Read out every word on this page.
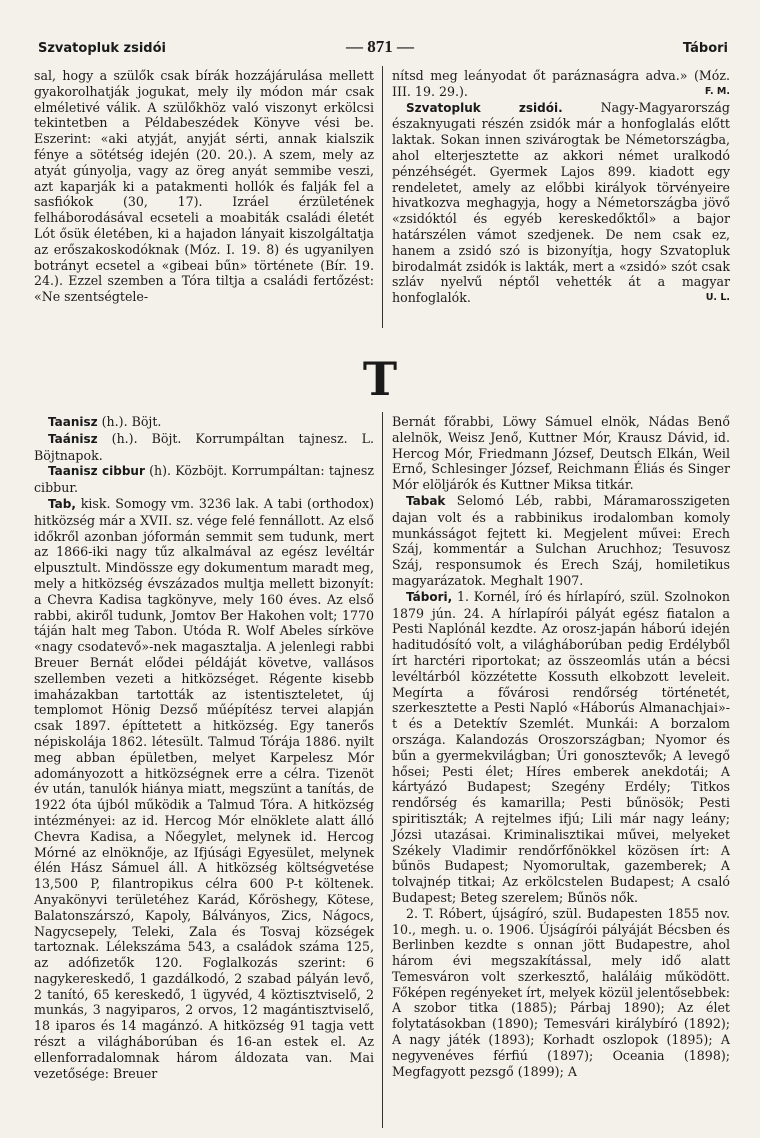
Szvatopluk zsidói	— 871 —	Tábori

sal, hogy a szülők csak bírák hozzájárulása mellett gyakorolhatják jogukat, mely ily módon már csak elméletivé válik. A szülőkhöz való viszonyt erkölcsi tekintetben a Példabeszédek Könyve vési be. Eszerint: «aki atyját, anyját sérti, annak kialszik fénye a sötétség idején (20. 20.). A szem, mely az atyát gúnyolja, vagy az öreg anyát semmibe veszi, azt kaparják ki a patakmenti hollók és falják fel a sasfiókok (30, 17). Izráel érzületének felháborodásával ecseteli a moabiták családi életét Lót ősük életében, ki a hajadon lányait kiszolgáltatja az erőszakoskodóknak (Móz. I. 19. 8) és ugyanilyen botrányt ecsetel a «gibeai bűn» története (Bír. 19. 24.). Ezzel szemben a Tóra tiltja a családi fertőzést: «Ne szentségtele-

nítsd meg leányodat őt paráznaságra adva.» (Móz. III. 19. 29.).	F. M.

Szvatopluk zsidói.	Nagy-Magyarország északnyugati részén zsidók már a honfoglalás előtt laktak. Sokan innen szivárogtak be Németországba, ahol elterjesztette az akkori német uralkodó pénzéhségét. Gyermek Lajos 899. kiadott egy rendeletet, amely az előbbi királyok törvényeire hivatkozva meghagyja, hogy a Németországba jövő «zsidóktól és egyéb kereskedőktől» a bajor határszélen vámot szedjenek. De nem csak ez, hanem a zsidó szó is bizonyítja, hogy Szvatopluk birodalmát zsidók is lakták, mert a «zsidó» szót csak szláv nyelvű néptől vehették át a magyar honfoglalók.	U. L.

T

Taanisz (h.). Böjt.

Taánisz (h.). Böjt. Korrumpáltan tajnesz. L. Böjtnapok.

Taanisz cibbur (h). Közböjt. Korrumpáltan: tajnesz cibbur.

Tab, kisk. Somogy vm. 3236 lak. A tabi (orthodox) hitközség már a XVII. sz. vége felé fennállott. Az első időkről azonban jóformán semmit sem tudunk, mert az 1866-iki nagy tűz alkalmával az egész levéltár elpusztult. Mindössze egy dokumentum maradt meg, mely a hitközség évszázados multja mellett bizonyít: a Chevra Kadisa tagkönyve, mely 160 éves. Az első rabbi, akiről tudunk, Jomtov Ber Hakohen volt; 1770 táján halt meg Tabon. Utóda R. Wolf Abeles sírköve «nagy csodatevő»-nek magasztalja. A jelenlegi rabbi Breuer Bernát elődei példáját követve, vallásos szellemben vezeti a hitközséget. Régente kisebb imaházakban tartották az istentiszteletet, új templomot Hönig Dezső műépítész tervei alapján csak 1897. építtetett a hitközség. Egy tanerős népiskolája 1862. létesült. Talmud Tórája 1886. nyilt meg abban épületben, melyet Karpelesz Mór adományozott a hitközségnek erre a célra. Tizenöt év után, tanulók hiánya miatt, megszünt a tanítás, de 1922 óta újból működik a Talmud Tóra. A hitközség intézményei: az id. Hercog Mór elnöklete alatt álló Chevra Kadisa, a Nőegylet, melynek id. Hercog Mórné az elnöknője, az Ifjúsági Egyesület, melynek élén Hász Sámuel áll. A hitközség költségvetése 13,500 P, filantropikus célra 600 P-t költenek. Anyakönyvi területéhez Karád, Kőröshegy, Kötese, Balatonszárszó, Kapoly, Bálványos, Zics, Nágocs, Nagycsepely, Teleki, Zala és Tosvaj községek tartoznak. Lélekszáma 543, a családok száma 125, az adófizetők 120. Foglalkozás szerint: 6 nagykereskedő, 1 gazdálkodó, 2 szabad pályán levő, 2 tanító, 65 kereskedő, 1 ügyvéd, 4 köztisztviselő, 2 munkás, 3 nagyiparos, 2 orvos, 12 magántisztviselő, 18 iparos és 14 magánzó. A hitközség 91 tagja vett részt a világháborúban és 16-an estek el. Az ellenforradalomnak három áldozata van. Mai vezetősége: Breuer

Bernát főrabbi, Löwy Sámuel elnök, Nádas Benő alelnök, Weisz Jenő, Kuttner Mór, Krausz Dávid, id. Hercog Mór, Friedmann József, Deutsch Elkán, Weil Ernő, Schlesinger József, Reichmann Éliás és Singer Mór elöljárók és Kuttner Miksa titkár.

Tabak Selomó Léb, rabbi, Máramarosszigeten dajan volt és a rabbinikus irodalomban komoly munkásságot fejtett ki. Megjelent művei: Erech Száj, kommentár a Sulchan Aruchhoz; Tesuvosz Száj, responsumok és Erech Száj, homiletikus magyarázatok. Meghalt 1907.

Tábori, 1. Kornél, író és hírlapíró, szül. Szolnokon 1879 jún. 24. A hírlapírói pályát egész fiatalon a Pesti Naplónál kezdte. Az orosz-japán háború idején haditudósító volt, a világháborúban pedig Erdélyből írt harctéri riportokat; az összeomlás után a bécsi levéltárból közzétette Kossuth elkobzott leveleit. Megírta a fővárosi rendőrség történetét, szerkesztette a Pesti Napló «Háborús Almanachjai»-t és a Detektív Szemlét. Munkái: A borzalom országa. Kalandozás Oroszországban; Nyomor és bűn a gyermekvilágban; Úri gonosztevők; A levegő hősei; Pesti élet; Híres emberek anekdotái; A kártyázó Budapest; Szegény Erdély; Titkos rendőrség és kamarilla; Pesti bűnösök; Pesti spiritiszták; A rejtelmes ifjú; Lili már nagy leány; Józsi utazásai. Kriminalisztikai művei, melyeket Székely Vladimir rendőrfőnökkel közösen írt: A bűnös Budapest; Nyomorultak, gazemberek; A tolvajnép titkai; Az erkölcstelen Budapest; A csaló Budapest; Beteg szerelem; Bűnös nők.

2. T. Róbert, újságíró, szül. Budapesten 1855 nov. 10., megh. u. o. 1906. Újságírói pályáját Bécsben és Berlinben kezdte s onnan jött Budapestre, ahol három évi megszakítással, mely idő alatt Temesváron volt szerkesztő, haláláig működött. Főképen regényeket írt, melyek közül jelentősebbek: A szobor titka (1885); Párbaj 1890); Az élet folytatásokban (1890); Temesvári királybíró (1892); A nagy játék (1893); Korhadt oszlopok (1895); A negyvenéves férfiú (1897); Oceania (1898); Megfagyott pezsgő (1899); A
